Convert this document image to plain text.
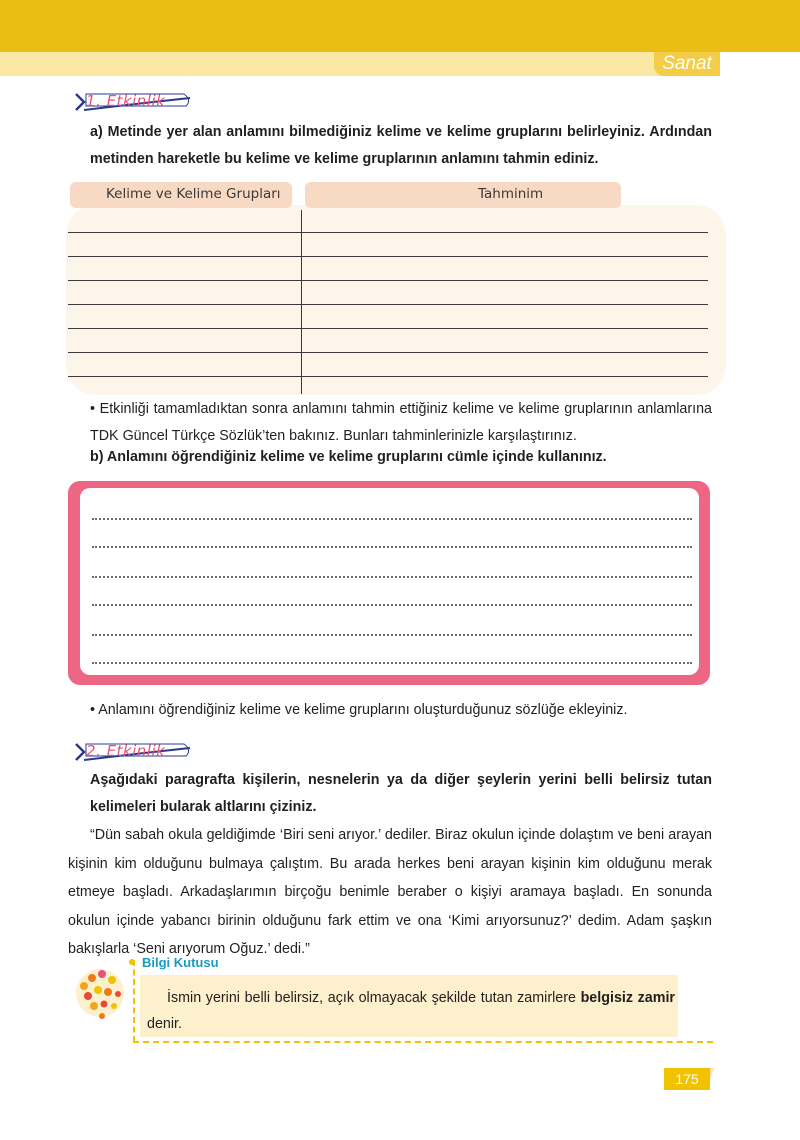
Sanat
1. Etkinlik
a) Metinde yer alan anlamını bilmediğiniz kelime ve kelime gruplarını belirleyiniz. Ardından metinden hareketle bu kelime ve kelime gruplarının anlamını tahmin ediniz.
Kelime ve Kelime Grupları	Tahminim
• Etkinliği tamamladıktan sonra anlamını tahmin ettiğiniz kelime ve kelime gruplarının anlamlarına TDK Güncel Türkçe Sözlük’ten bakınız. Bunları tahminlerinizle karşılaştırınız.
b) Anlamını öğrendiğiniz kelime ve kelime gruplarını cümle içinde kullanınız.
• Anlamını öğrendiğiniz kelime ve kelime gruplarını oluşturduğunuz sözlüğe ekleyiniz.
2. Etkinlik
Aşağıdaki paragrafta kişilerin, nesnelerin ya da diğer şeylerin yerini belli belirsiz tutan kelimeleri bularak altlarını çiziniz.
“Dün sabah okula geldiğimde ‘Biri seni arıyor.’ dediler. Biraz okulun içinde dolaştım ve beni arayan kişinin kim olduğunu bulmaya çalıştım. Bu arada herkes beni arayan kişinin kim olduğunu merak etmeye başladı. Arkadaşlarımın birçoğu benimle beraber o kişiyi aramaya başladı. En sonunda okulun içinde yabancı birinin olduğunu fark ettim ve ona ‘Kimi arıyorsunuz?’ dedim. Adam şaşkın bakışlarla ‘Seni arıyorum Oğuz.’ dedi.”
Bilgi Kutusu
İsmin yerini belli belirsiz, açık olmayacak şekilde tutan zamirlere belgisiz zamir denir.
175
